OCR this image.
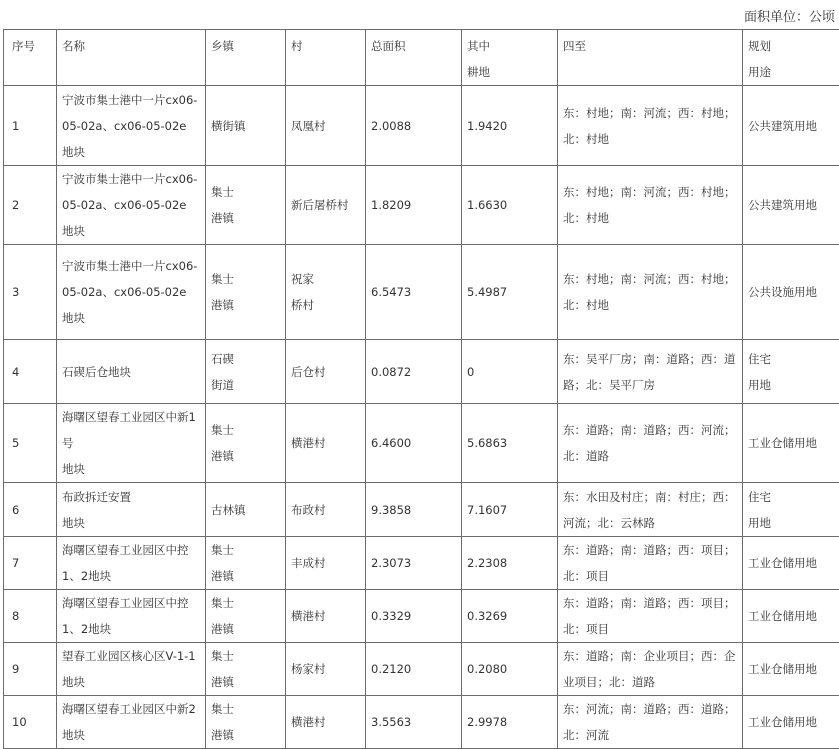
面积单位：公顷
序号	名称	乡镇	村	总面积	其中
耕地	四至	规划
用途
1	宁波市集士港中一片cx06-
05-02a、cx06-05-02e
地块	横街镇	凤凰村	2.0088	1.9420	东：村地；南：河流；西：村地；
北：村地	公共建筑用地
2	宁波市集士港中一片cx06-
05-02a、cx06-05-02e
地块	集士
港镇	新后屠桥村	1.8209	1.6630	东：村地；南：河流；西：村地；
北：村地	公共建筑用地
3	宁波市集士港中一片cx06-
05-02a、cx06-05-02e
地块	集士
港镇	祝家
桥村	6.5473	5.4987	东：村地；南：河流；西：村地；
北：村地	公共设施用地
4	石碶后仓地块	石碶
街道	后仓村	0.0872	0	东：吴平厂房；南：道路；西：道
路；北：吴平厂房	住宅
用地
5	海曙区望春工业园区中新1
号
地块	集士
港镇	横港村	6.4600	5.6863	东：道路；南：道路；西：河流；
北：道路	工业仓储用地
6	布政拆迁安置
地块	古林镇	布政村	9.3858	7.1607	东：水田及村庄；南：村庄；西：
河流；北：云林路	住宅
用地
7	海曙区望春工业园区中控
1、2地块	集士
港镇	丰成村	2.3073	2.2308	东：道路；南：道路；西：项目；
北：项目	工业仓储用地
8	海曙区望春工业园区中控
1、2地块	集士
港镇	横港村	0.3329	0.3269	东：道路；南：道路；西：项目；
北：项目	工业仓储用地
9	望春工业园区核心区V-1-1
地块	集士
港镇	杨家村	0.2120	0.2080	东：道路；南：企业项目；西：企
业项目；北：道路	工业仓储用地
10	海曙区望春工业园区中新2
地块	集士
港镇	横港村	3.5563	2.9978	东：河流；南：道路；西：道路；
北：河流	工业仓储用地
